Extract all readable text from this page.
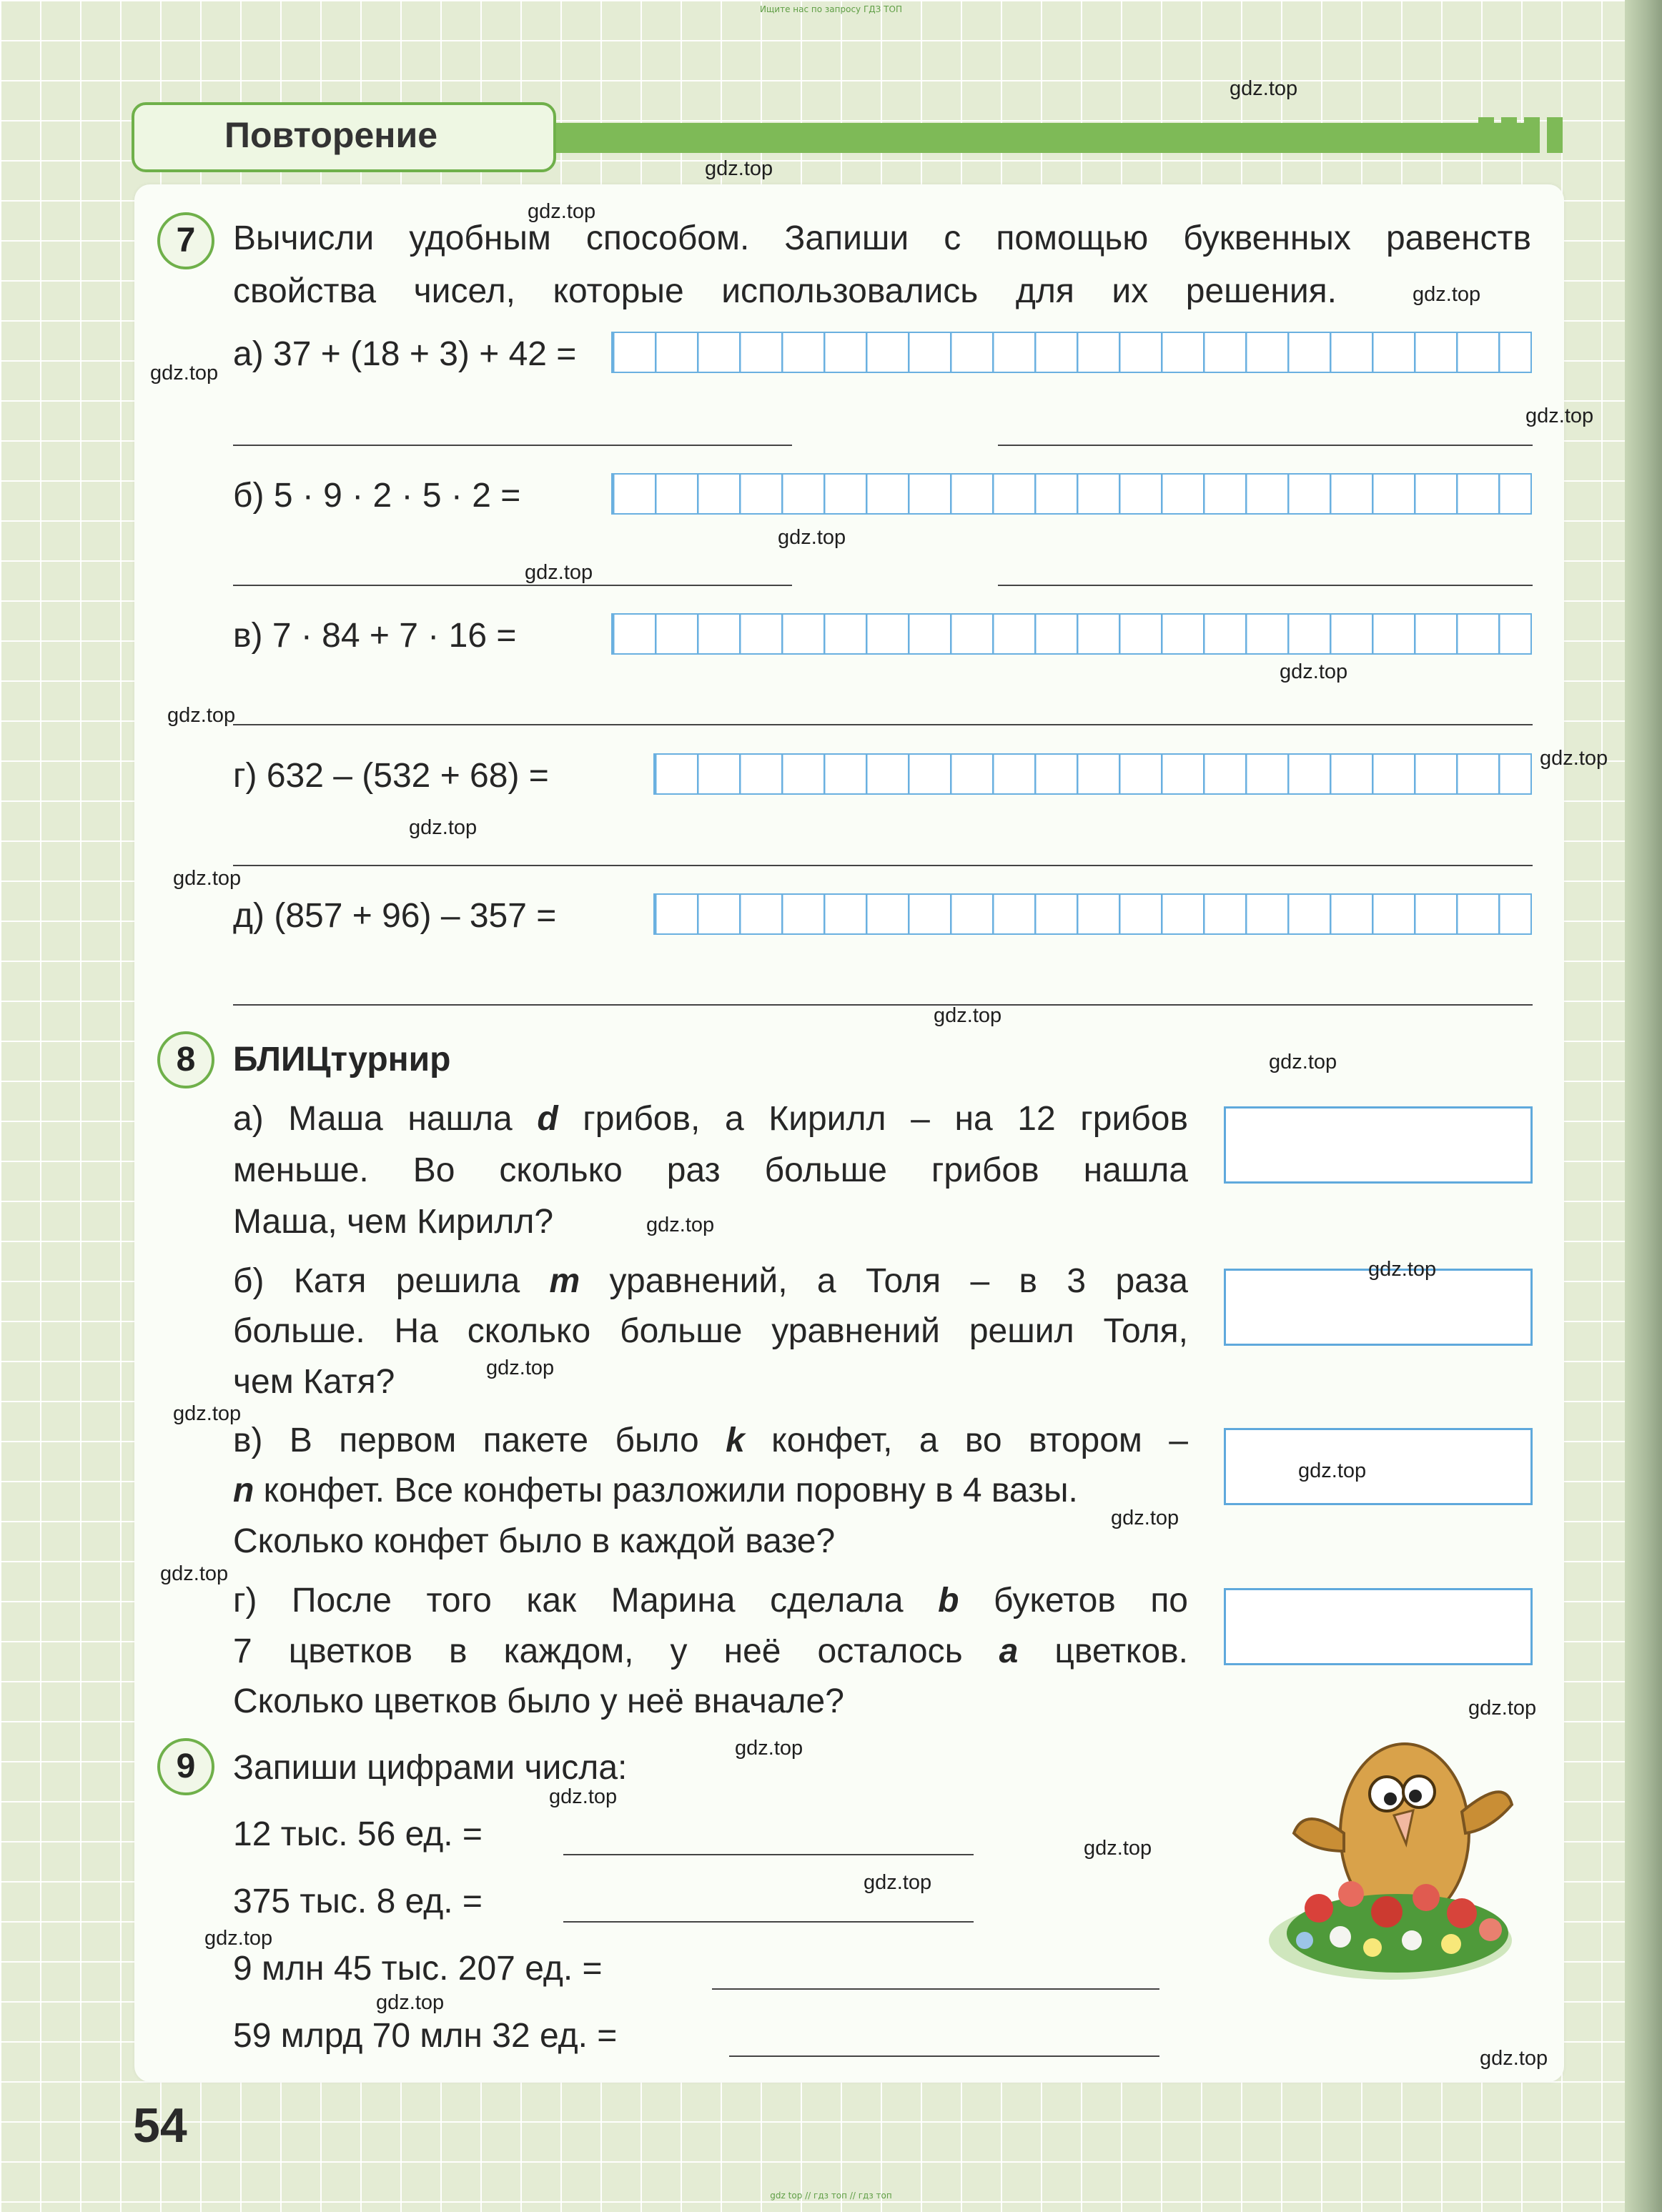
Ищите нас по запросу ГДЗ ТОП
Повторение
7	Вычисли удобным способом. Запиши с помощью буквенных равенств
свойства чисел, которые использовались для их решения.
а) 37 + (18 + 3) + 42 =
б) 5 · 9 · 2 · 5 · 2 =
в) 7 · 84 + 7 · 16 =
г) 632 – (532 + 68) =
д) (857 + 96) – 357 =
8	БЛИЦтурнир
а) Маша нашла d грибов, а Кирилл – на 12 грибов
меньше. Во сколько раз больше грибов нашла
Маша, чем Кирилл?
б) Катя решила m уравнений, а Толя – в 3 раза
больше. На сколько больше уравнений решил Толя,
чем Катя?
в) В первом пакете было k конфет, а во втором –
n конфет. Все конфеты разложили поровну в 4 вазы.
Сколько конфет было в каждой вазе?
г) После того как Марина сделала b букетов по
7 цветков в каждом, у неё осталось a цветков.
Сколько цветков было у неё вначале?
9	Запиши цифрами числа:
12 тыс. 56 ед. =
375 тыс. 8 ед. =
9 млн 45 тыс. 207 ед. =
59 млрд 70 млн 32 ед. =
gdz.top
gdz.top
gdz.top
gdz.top
gdz.top
gdz.top
gdz.top
gdz.top
gdz.top
gdz.top
gdz.top
gdz.top
gdz.top
gdz.top
gdz.top
gdz.top
gdz.top
gdz.top
gdz.top
gdz.top
gdz.top
gdz.top
gdz.top
gdz.top
gdz.top
gdz.top
gdz.top
gdz.top
gdz.top
gdz.top
54
gdz top // гдз топ // гдз топ
